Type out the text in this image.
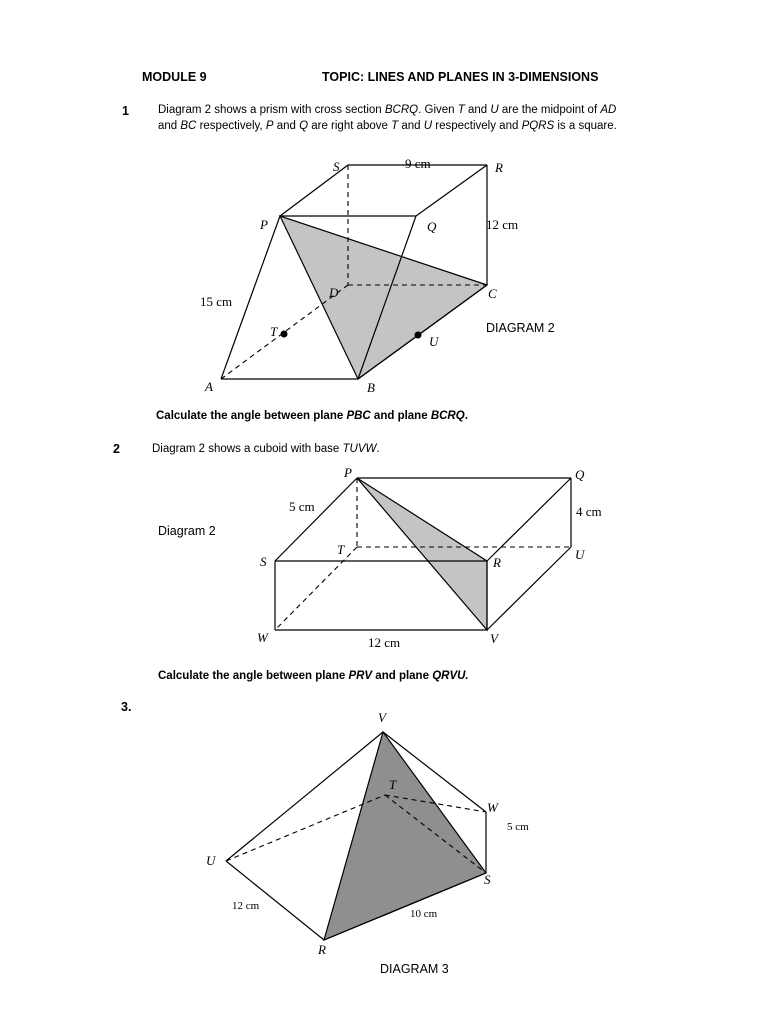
MODULE 9	TOPIC: LINES AND PLANES IN 3-DIMENSIONS
1	Diagram 2 shows a prism with cross section BCRQ. Given T and U are the midpoint of AD and BC respectively, P and Q are right above T and U respectively and PQRS is a square.
S	9 cm	R
P	Q	12 cm
D	C
15 cm
T
U
DIAGRAM 2
A	B
Calculate the angle between plane PBC and plane BCRQ.
2	Diagram 2 shows a cuboid with base TUVW.
P	Q
5 cm	4 cm
Diagram 2
T	U
S	R
W	12 cm	V
Calculate the angle between plane PRV and plane QRVU.
3.
V
T
W
5 cm
U
S
12 cm
10 cm
R
DIAGRAM 3
